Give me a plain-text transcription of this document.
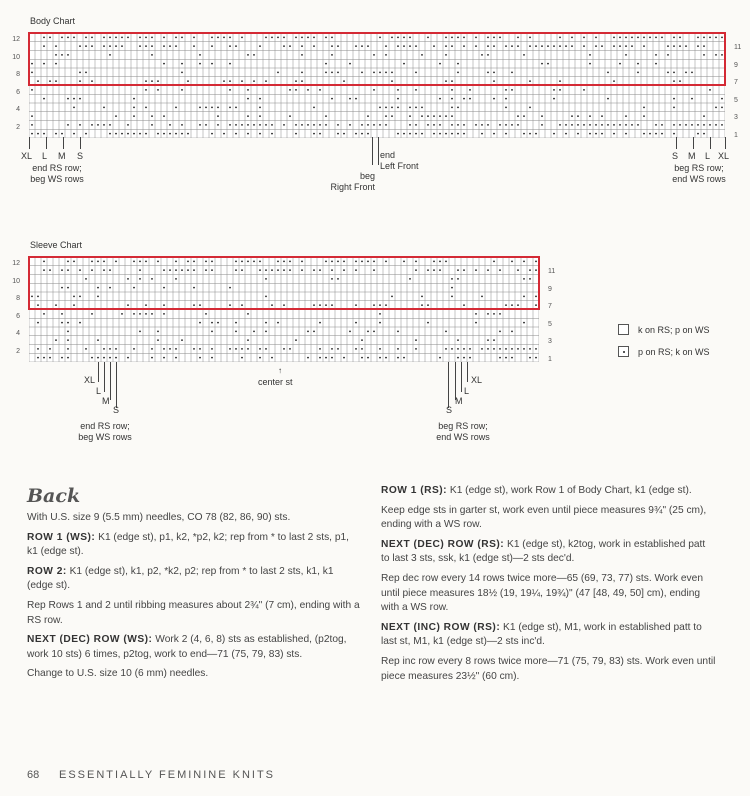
Body Chart
12
10
8
6
4
2
11
9
7
5
3
1
XL L M S
end RS row;
beg WS rows
end
Left Front
beg
Right Front
S M L XL
beg RS row;
end WS rows
Sleeve Chart
12
10
8
6
4
2
11
9
7
5
3
1
XL
L
M
S
end RS row;
beg WS rows
↑
center st	XL
L
M
S
beg RS row;
end WS rows
k on RS; p on WS
p on RS; k on WS
Back
With U.S. size 9 (5.5 mm) needles, CO 78 (82, 86, 90) sts.
ROW 1 (WS): K1 (edge st), p1, k2, *p2, k2; rep from * to last 2 sts, p1, k1 (edge st).
ROW 2: K1 (edge st), k1, p2, *k2, p2; rep from * to last 2 sts, k1, k1 (edge st).
Rep Rows 1 and 2 until ribbing measures about 2¾" (7 cm), ending with a RS row.
NEXT (DEC) ROW (WS): Work 2 (4, 6, 8) sts as established, (p2tog, work 10 sts) 6 times, p2tog, work to end—71 (75, 79, 83) sts.
Change to U.S. size 10 (6 mm) needles.
ROW 1 (RS): K1 (edge st), work Row 1 of Body Chart, k1 (edge st).
Keep edge sts in garter st, work even until piece measures 9¾" (25 cm), ending with a WS row.
NEXT (DEC) ROW (RS): K1 (edge st), k2tog, work in established patt to last 3 sts, ssk, k1 (edge st)—2 sts dec'd.
Rep dec row every 14 rows twice more—65 (69, 73, 77) sts. Work even until piece measures 18½ (19, 19¼, 19¾)" (47 [48, 49, 50] cm), ending with a WS row.
NEXT (INC) ROW (RS): K1 (edge st), M1, work in established patt to last st, M1, k1 (edge st)—2 sts inc'd.
Rep inc row every 8 rows twice more—71 (75, 79, 83) sts. Work even until piece measures 23½" (60 cm).
68 ESSENTIALLY FEMININE KNITS
